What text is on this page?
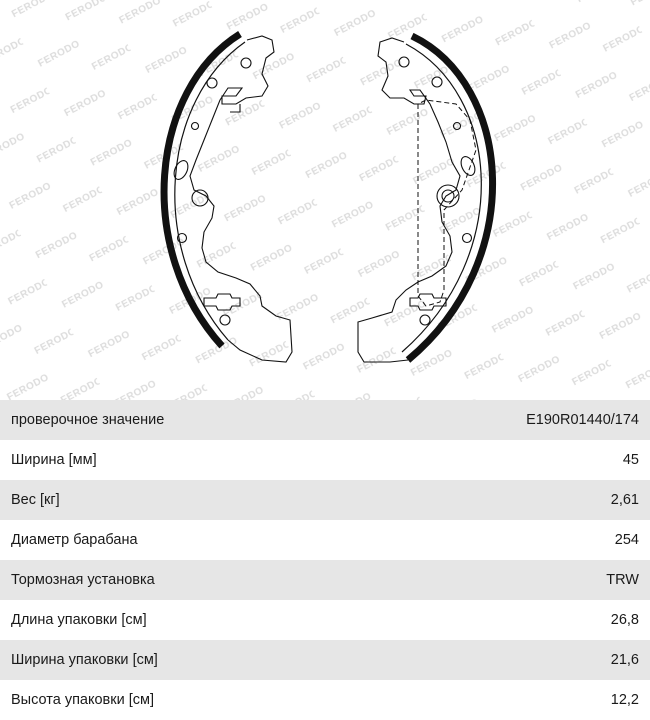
проверочное значение	E190R01440/174
Ширина [мм]	45
Вес [кг]	2,61
Диаметр барабана	254
Тормозная установка	TRW
Длина упаковки [см]	26,8
Ширина упаковки [см]	21,6
Высота упаковки [см]	12,2
